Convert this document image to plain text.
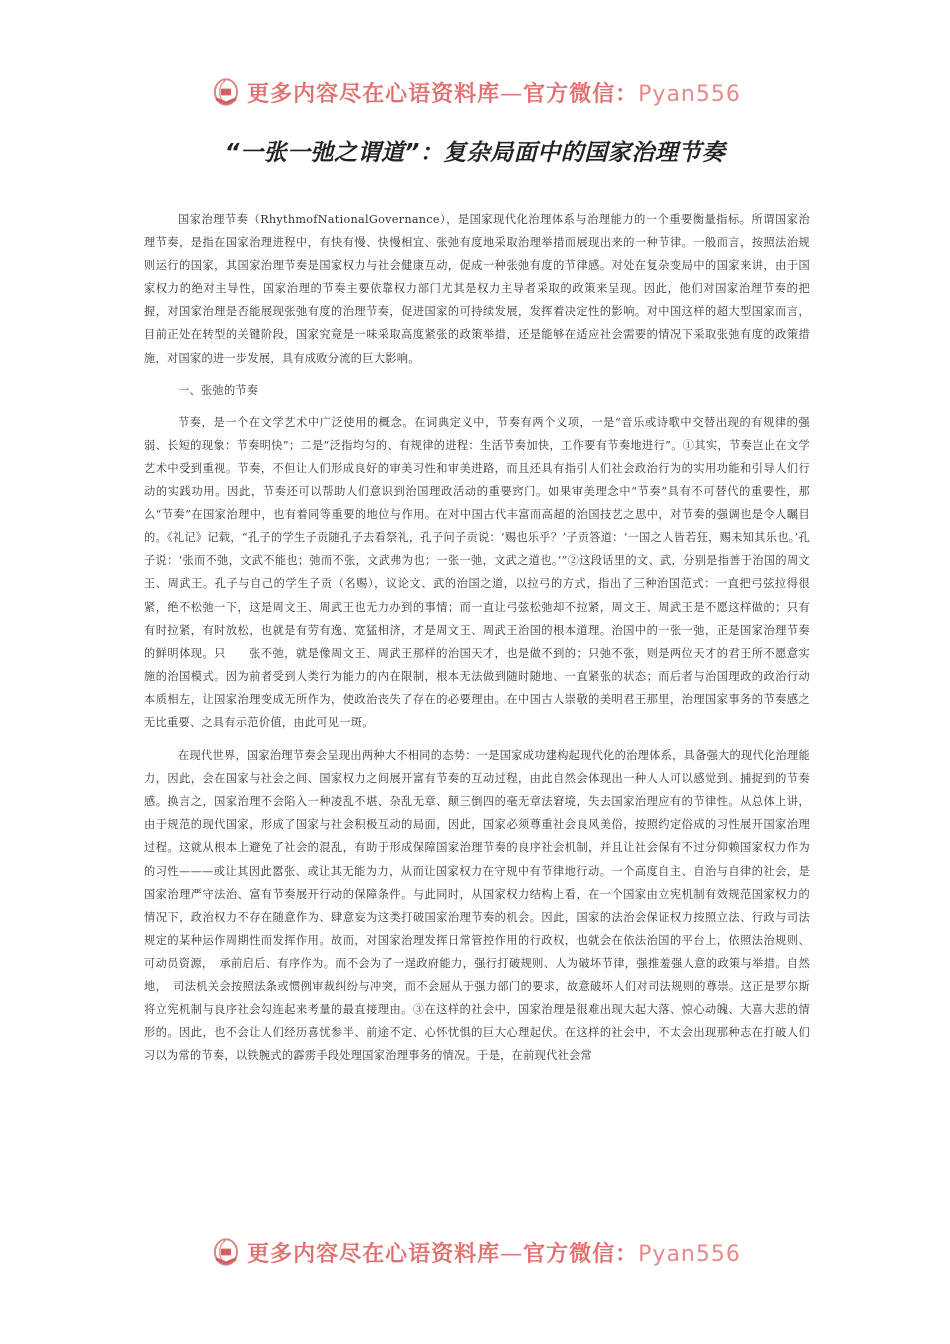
更多内容尽在心语资料库—官方微信：Pyan556
“一张一弛之谓道”：复杂局面中的国家治理节奏

国家治理节奏（RhythmofNationalGovernance），是国家现代化治理体系与治理能力的一个重要衡量指标。所谓国家治理节奏，是指在国家治理进程中，有快有慢、快慢相宜、张弛有度地采取治理举措而展现出来的一种节律。一般而言，按照法治规则运行的国家，其国家治理节奏是国家权力与社会健康互动，促成一种张弛有度的节律感。对处在复杂变局中的国家来讲，由于国家权力的绝对主导性，国家治理的节奏主要依靠权力部门尤其是权力主导者采取的政策来呈现。因此，他们对国家治理节奏的把握，对国家治理是否能展现张弛有度的治理节奏，促进国家的可持续发展，发挥着决定性的影响。对中国这样的超大型国家而言，目前正处在转型的关键阶段，国家究竟是一味采取高度紧张的政策举措，还是能够在适应社会需要的情况下采取张弛有度的政策措施，对国家的进一步发展，具有成败分流的巨大影响。

一、张弛的节奏

节奏，是一个在文学艺术中广泛使用的概念。在词典定义中，节奏有两个义项，一是“音乐或诗歌中交替出现的有规律的强弱、长短的现象：节奏明快”；二是“泛指均匀的、有规律的进程：生活节奏加快，工作要有节奏地进行”。①其实，节奏岂止在文学艺术中受到重视。节奏，不但让人们形成良好的审美习性和审美进路，而且还具有指引人们社会政治行为的实用功能和引导人们行动的实践功用。因此，节奏还可以帮助人们意识到治国理政活动的重要窍门。如果审美理念中“节奏”具有不可替代的重要性，那么“节奏”在国家治理中，也有着同等重要的地位与作用。在对中国古代丰富而高超的治国技艺之思中，对节奏的强调也是令人瞩目的。《礼记》记载，“孔子的学生子贡随孔子去看祭礼，孔子问子贡说：‘赐也乐乎？’子贡答道：‘一国之人皆若狂，赐未知其乐也。’孔子说：‘张而不弛，文武不能也；弛而不张，文武弗为也；一张一弛，文武之道也。’”②这段话里的文、武，分别是指善于治国的周文王、周武王。孔子与自己的学生子贡（名赐），议论文、武的治国之道，以拉弓的方式，指出了三种治国范式：一直把弓弦拉得很紧，绝不松弛一下，这是周文王、周武王也无力办到的事情；而一直让弓弦松弛却不拉紧，周文王、周武王是不愿这样做的；只有有时拉紧，有时放松，也就是有劳有逸、宽猛相济，才是周文王、周武王治国的根本道理。治国中的一张一弛，正是国家治理节奏的鲜明体现。只　　张不弛，就是像周文王、周武王那样的治国天才，也是做不到的；只弛不张，则是两位天才的君王所不愿意实施的治国模式。因为前者受到人类行为能力的内在限制，根本无法做到随时随地、一直紧张的状态；而后者与治国理政的政治行动本质相左，让国家治理变成无所作为，使政治丧失了存在的必要理由。在中国古人崇敬的美明君王那里，治理国家事务的节奏感之无比重要、之具有示范价值，由此可见一斑。

在现代世界，国家治理节奏会呈现出两种大不相同的态势：一是国家成功建构起现代化的治理体系，具备强大的现代化治理能力，因此，会在国家与社会之间、国家权力之间展开富有节奏的互动过程，由此自然会体现出一种人人可以感觉到、捕捉到的节奏感。换言之，国家治理不会陷入一种凌乱不堪、杂乱无章、颠三倒四的毫无章法窘境，失去国家治理应有的节律性。从总体上讲，由于规范的现代国家，形成了国家与社会积极互动的局面，因此，国家必须尊重社会良风美俗，按照约定俗成的习性展开国家治理过程。这就从根本上避免了社会的混乱，有助于形成保障国家治理节奏的良序社会机制，并且让社会保有不过分仰赖国家权力作为的习性———或让其因此嚣张、或让其无能为力，从而让国家权力在守规中有节律地行动。一个高度自主、自治与自律的社会，是国家治理严守法治、富有节奏展开行动的保障条件。与此同时，从国家权力结构上看，在一个国家由立宪机制有效规范国家权力的情况下，政治权力不存在随意作为、肆意妄为这类打破国家治理节奏的机会。因此，国家的法治会保证权力按照立法、行政与司法规定的某种运作周期性而发挥作用。故而，对国家治理发挥日常管控作用的行政权，也就会在依法治国的平台上，依照法治规则、可动员资源，　承前启后、有序作为。而不会为了一逞政府能力，强行打破规则、人为破坏节律，强推羞强人意的政策与举措。自然地，　司法机关会按照法条或惯例审裁纠纷与冲突，而不会屈从于强力部门的要求，故意破坏人们对司法规则的尊崇。这正是罗尔斯将立宪机制与良序社会勾连起来考量的最直接理由。③在这样的社会中，国家治理是很难出现大起大落、惊心动魄、大喜大悲的情形的。因此，也不会让人们经历喜忧参半、前途不定、心怀忧惧的巨大心理起伏。在这样的社会中，不太会出现那种志在打破人们习以为常的节奏，以铁腕式的霹雳手段处理国家治理事务的情况。于是，在前现代社会常

更多内容尽在心语资料库—官方微信：Pyan556
